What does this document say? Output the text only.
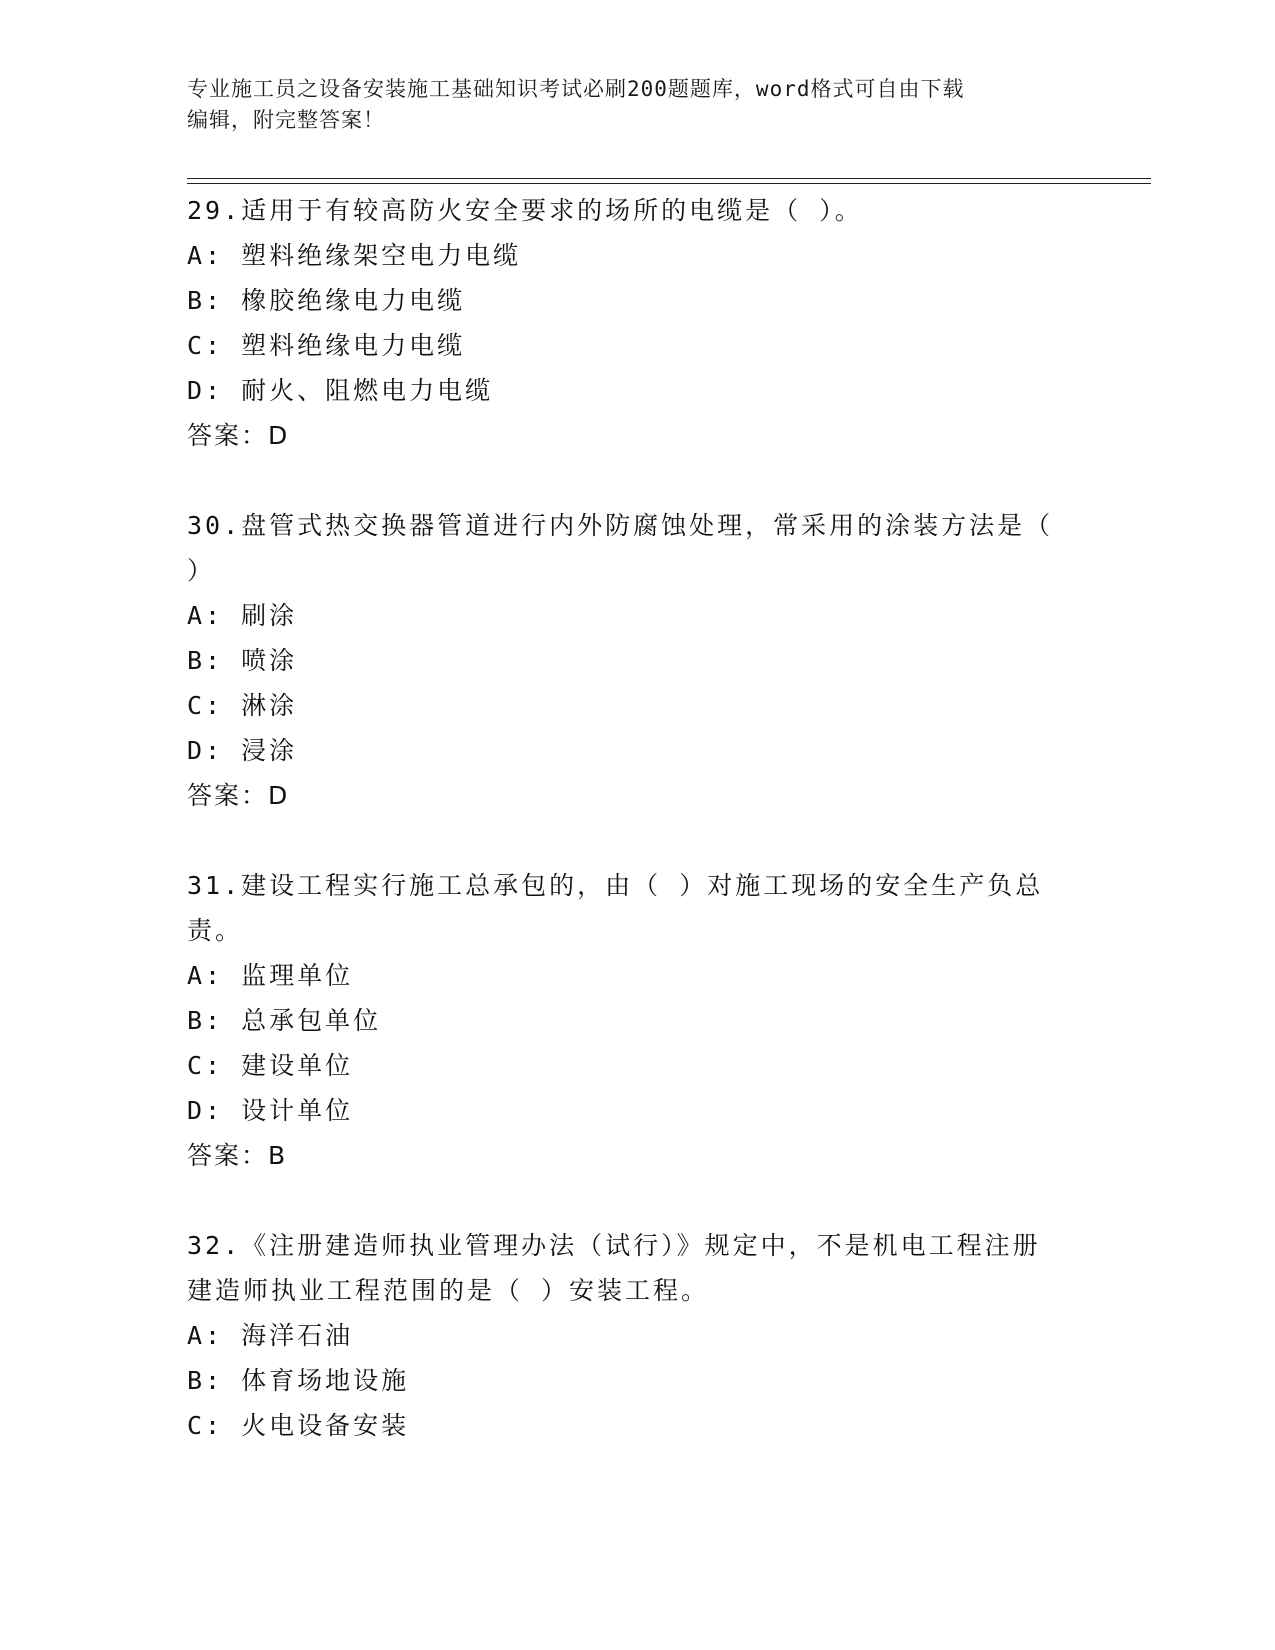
专业施工员之设备安装施工基础知识考试必刷200题题库，word格式可自由下载
编辑，附完整答案！
29.适用于有较高防火安全要求的场所的电缆是（ ）。
A: 塑料绝缘架空电力电缆
B: 橡胶绝缘电力电缆
C: 塑料绝缘电力电缆
D: 耐火、阻燃电力电缆
答案：D
30.盘管式热交换器管道进行内外防腐蚀处理，常采用的涂装方法是（
）
A: 刷涂
B: 喷涂
C: 淋涂
D: 浸涂
答案：D
31.建设工程实行施工总承包的，由（ ）对施工现场的安全生产负总
责。
A: 监理单位
B: 总承包单位
C: 建设单位
D: 设计单位
答案：B
32.《注册建造师执业管理办法（试行）》规定中，不是机电工程注册
建造师执业工程范围的是（ ）安装工程。
A: 海洋石油
B: 体育场地设施
C: 火电设备安装
